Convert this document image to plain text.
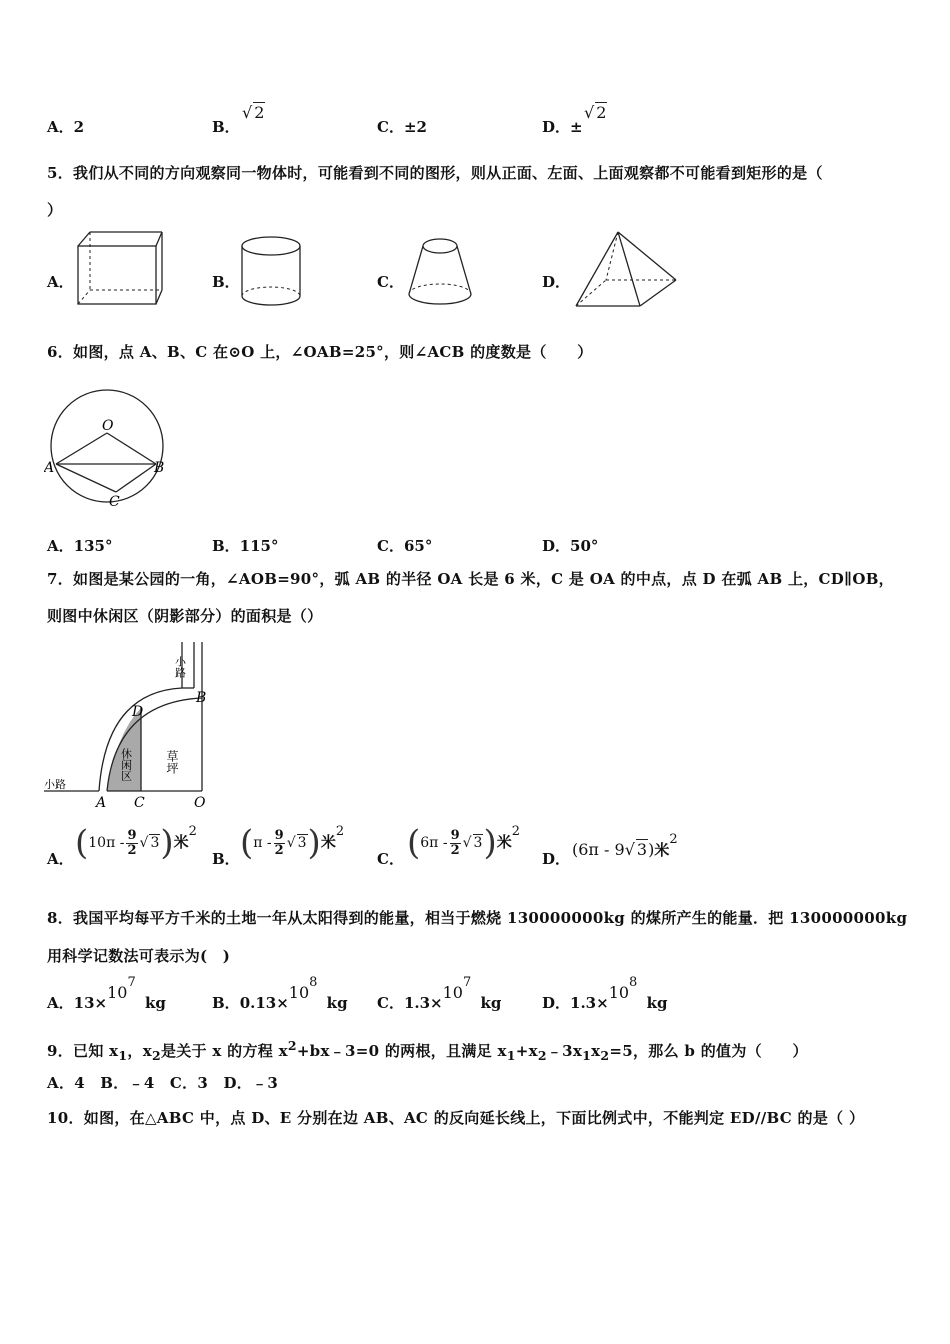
A．2	B．
√ 2
C．±2	D．±
√ 2
5．我们从不同的方向观察同一物体时，可能看到不同的图形，则从正面、左面、上面观察都不可能看到矩形的是（
）
A．	B．	C．	D．
6．如图，点 A、B、C 在⊙O 上，∠OAB=25°，则∠ACB 的度数是（　　）
O
A	B
C
A．135°	B．115°	C．65°	D．50°
7．如图是某公园的一角，∠AOB=90°，弧 AB 的半径 OA 长是 6 米，C 是 OA 的中点，点 D 在弧 AB 上，CD∥OB，
则图中休闲区（阴影部分）的面积是（）
小路
小路
休闲区	草坪
A
B
C
D
O
A． ($10\pi - \frac{9}{2}$ √ 3)米$^2$
B． ($\pi - \frac{9}{2}$ √ 3)米$^2$
C． ($6\pi - \frac{9}{2}$ √ 3)米$^2$
D． (6π - 9√ 3)米$^2$
8．我国平均每平方千米的土地一年从太阳得到的能量，相当于燃烧 130000000kg 的煤所产生的能量．把 130000000kg
用科学记数法可表示为(　)
A．$13\times 10^7$ kg	B．$0.13\times 10^8$ kg C．$1.3\times 10^7$ kg	D．$1.3\times 10^8$ kg
9．已知 $x_1$，$x_2$是关于 x 的方程 $x^2+bx﹣3=0$ 的两根，且满足 $x_1+x_2﹣3x_1x_2=5$，那么 b 的值为（　　）
A．4　B．﹣4　C．3　D．﹣3
10．如图，在△ABC 中，点 D、E 分别在边 AB、AC 的反向延长线上，下面比例式中，不能判定 ED//BC 的是（ ）
